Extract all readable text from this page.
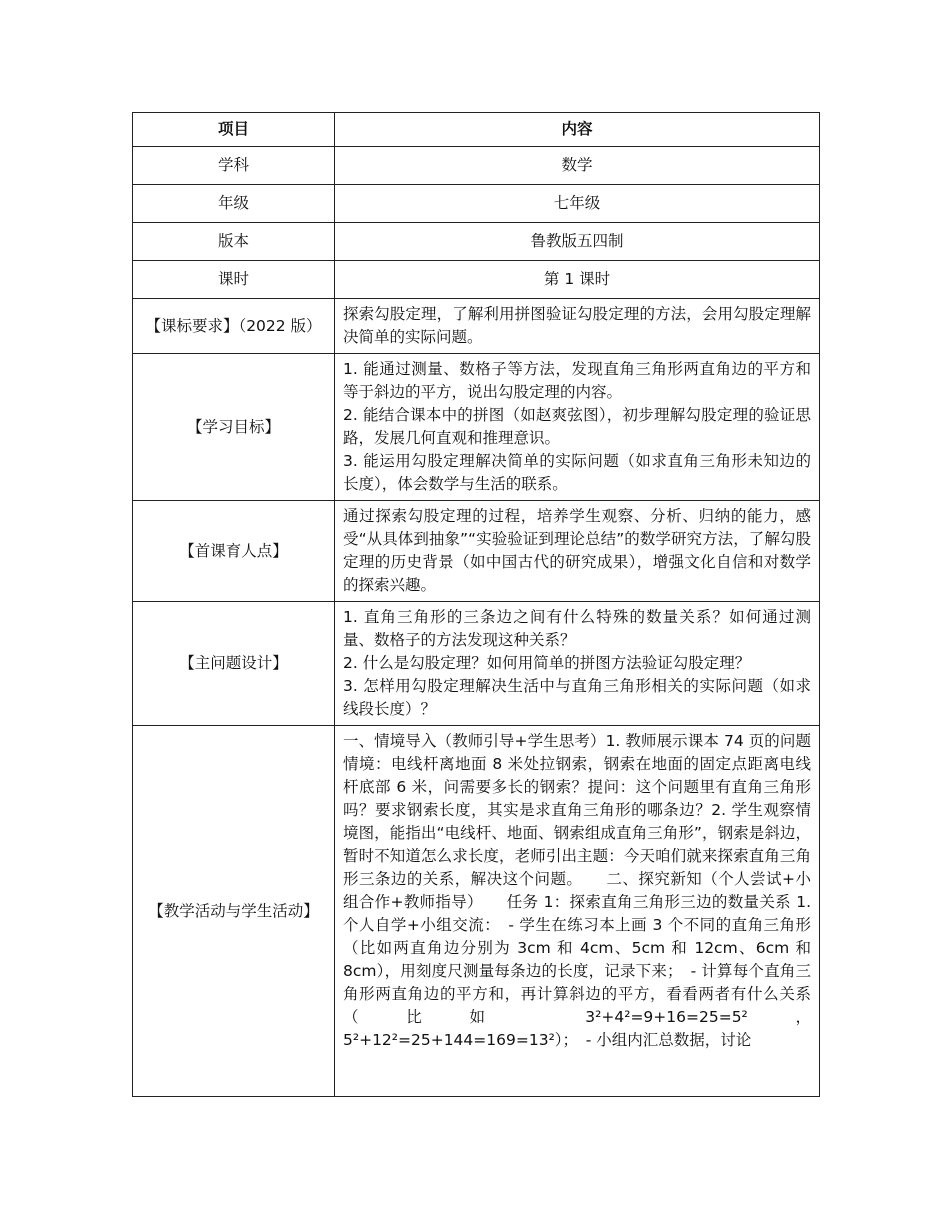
项目	内容
学科	数学
年级	七年级
版本	鲁教版五四制
课时	第 1 课时
【课标要求】（2022 版）	探索勾股定理，了解利用拼图验证勾股定理的方法，会用勾股定理解决简单的实际问题。
【学习目标】	1. 能通过测量、数格子等方法，发现直角三角形两直角边的平方和等于斜边的平方，说出勾股定理的内容。

2. 能结合课本中的拼图（如赵爽弦图），初步理解勾股定理的验证思路，发展几何直观和推理意识。

3. 能运用勾股定理解决简单的实际问题（如求直角三角形未知边的长度），体会数学与生活的联系。

【首课育人点】	通过探索勾股定理的过程，培养学生观察、分析、归纳的能力，感受“从具体到抽象”“实验验证到理论总结”的数学研究方法，了解勾股定理的历史背景（如中国古代的研究成果），增强文化自信和对数学的探索兴趣。
【主问题设计】	1. 直角三角形的三条边之间有什么特殊的数量关系？如何通过测量、数格子的方法发现这种关系？

2. 什么是勾股定理？如何用简单的拼图方法验证勾股定理？

3. 怎样用勾股定理解决生活中与直角三角形相关的实际问题（如求线段长度）？

【教学活动与学生活动】	一、情境导入（教师引导+学生思考）1. 教师展示课本 74 页的问题情境：电线杆离地面 8 米处拉钢索，钢索在地面的固定点距离电线杆底部 6 米，问需要多长的钢索？提问：这个问题里有直角三角形吗？要求钢索长度，其实是求直角三角形的哪条边？2. 学生观察情境图，能指出“电线杆、地面、钢索组成直角三角形”，钢索是斜边，暂时不知道怎么求长度，老师引出主题：今天咱们就来探索直角三角形三条边的关系，解决这个问题。　　二、探究新知（个人尝试+小组合作+教师指导）　　任务 1：探索直角三角形三边的数量关系 1. 个人自学+小组交流：　- 学生在练习本上画 3 个不同的直角三角形（比如两直角边分别为 3cm 和 4cm、5cm 和 12cm、6cm 和 8cm），用刻度尺测量每条边的长度，记录下来；　- 计算每个直角三角形两直角边的平方和，再计算斜边的平方，看看两者有什么关系（比如 3²+4²=9+16=25=5²，5²+12²=25+144=169=13²）；　- 小组内汇总数据，讨论
